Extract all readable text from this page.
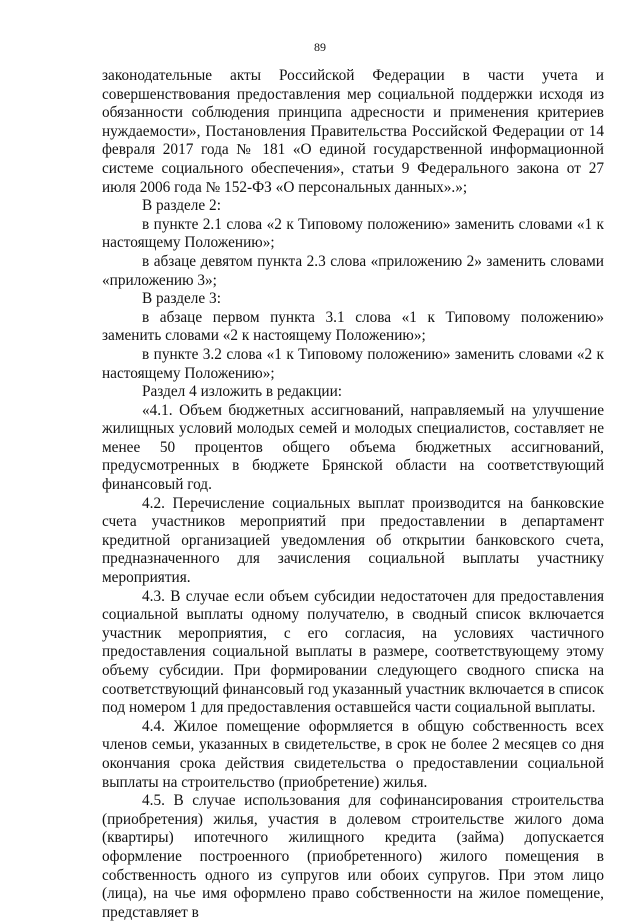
89

законодательные акты Российской Федерации в части учета и совершенствования предоставления мер социальной поддержки исходя из обязанности соблюдения принципа адресности и применения критериев нуждаемости», Постановления Правительства Российской Федерации от 14 февраля 2017 года № 181 «О единой государственной информационной системе социального обеспечения», статьи 9 Федерального закона от 27 июля 2006 года № 152-ФЗ «О персональных данных».»;

В разделе 2:

в пункте 2.1 слова «2 к Типовому положению» заменить словами «1 к настоящему Положению»;

в абзаце девятом пункта 2.3 слова «приложению 2» заменить словами «приложению 3»;

В разделе 3:

в абзаце первом пункта 3.1 слова «1 к Типовому положению» заменить словами «2 к настоящему Положению»;

в пункте 3.2 слова «1 к Типовому положению» заменить словами «2 к настоящему Положению»;

Раздел 4 изложить в редакции:

«4.1. Объем бюджетных ассигнований, направляемый на улучшение жилищных условий молодых семей и молодых специалистов, составляет не менее 50 процентов общего объема бюджетных ассигнований, предусмотренных в бюджете Брянской области на соответствующий финансовый год.

4.2. Перечисление социальных выплат производится на банковские счета участников мероприятий при предоставлении в департамент кредитной организацией уведомления об открытии банковского счета, предназначенного для зачисления социальной выплаты участнику мероприятия.

4.3. В случае если объем субсидии недостаточен для предоставления социальной выплаты одному получателю, в сводный список включается участник мероприятия, с его согласия, на условиях частичного предоставления социальной выплаты в размере, соответствующему этому объему субсидии. При формировании следующего сводного списка на соответствующий финансовый год указанный участник включается в список под номером 1 для предоставления оставшейся части социальной выплаты.

4.4. Жилое помещение оформляется в общую собственность всех членов семьи, указанных в свидетельстве, в срок не более 2 месяцев со дня окончания срока действия свидетельства о предоставлении социальной выплаты на строительство (приобретение) жилья.

4.5. В случае использования для софинансирования строительства (приобретения) жилья, участия в долевом строительстве жилого дома (квартиры) ипотечного жилищного кредита (займа) допускается оформление построенного (приобретенного) жилого помещения в собственность одного из супругов или обоих супругов. При этом лицо (лица), на чье имя оформлено право собственности на жилое помещение, представляет в
